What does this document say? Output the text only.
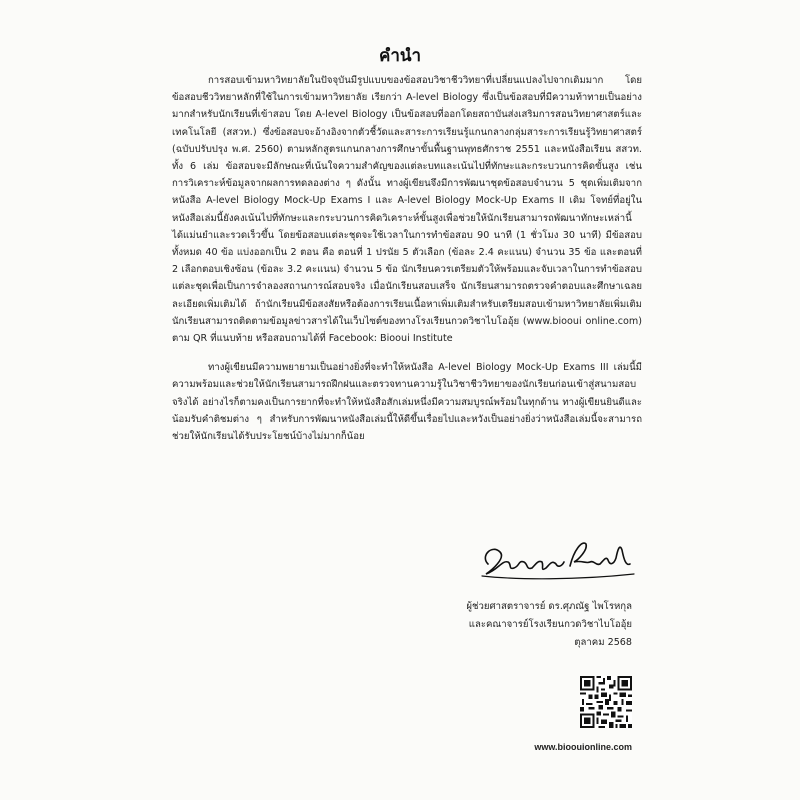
คำนำ

การสอบเข้ามหาวิทยาลัยในปัจจุบันมีรูปแบบของข้อสอบวิชาชีววิทยาที่เปลี่ยนแปลงไปจากเดิมมาก โดยข้อสอบชีววิทยาหลักที่ใช้ในการเข้ามหาวิทยาลัย เรียกว่า A-level Biology ซึ่งเป็นข้อสอบที่มีความท้าทายเป็นอย่างมากสำหรับนักเรียนที่เข้าสอบ โดย A-level Biology เป็นข้อสอบที่ออกโดยสถาบันส่งเสริมการสอนวิทยาศาสตร์และเทคโนโลยี (สสวท.) ซึ่งข้อสอบจะอ้างอิงจากตัวชี้วัดและสาระการเรียนรู้แกนกลางกลุ่มสาระการเรียนรู้วิทยาศาสตร์ (ฉบับปรับปรุง พ.ศ. 2560) ตามหลักสูตรแกนกลางการศึกษาขั้นพื้นฐานพุทธศักราช 2551 และหนังสือเรียน สสวท. ทั้ง 6 เล่ม ข้อสอบจะมีลักษณะที่เน้นใจความสำคัญของแต่ละบทและเน้นไปที่ทักษะและกระบวนการคิดขั้นสูง เช่น การวิเคราะห์ข้อมูลจากผลการทดลองต่าง ๆ ดังนั้น ทางผู้เขียนจึงมีการพัฒนาชุดข้อสอบจำนวน 5 ชุดเพิ่มเติมจากหนังสือ A-level Biology Mock-Up Exams I และ A-level Biology Mock-Up Exams II เดิม โจทย์ที่อยู่ในหนังสือเล่มนี้ยังคงเน้นไปที่ทักษะและกระบวนการคิดวิเคราะห์ขั้นสูงเพื่อช่วยให้นักเรียนสามารถพัฒนาทักษะเหล่านี้ได้แม่นยำและรวดเร็วขึ้น โดยข้อสอบแต่ละชุดจะใช้เวลาในการทำข้อสอบ 90 นาที (1 ชั่วโมง 30 นาที) มีข้อสอบทั้งหมด 40 ข้อ แบ่งออกเป็น 2 ตอน คือ ตอนที่ 1 ปรนัย 5 ตัวเลือก (ข้อละ 2.4 คะแนน) จำนวน 35 ข้อ และตอนที่ 2 เลือกตอบเชิงซ้อน (ข้อละ 3.2 คะแนน) จำนวน 5 ข้อ นักเรียนควรเตรียมตัวให้พร้อมและจับเวลาในการทำข้อสอบแต่ละชุดเพื่อเป็นการจำลองสถานการณ์สอบจริง เมื่อนักเรียนสอบเสร็จ นักเรียนสามารถตรวจคำตอบและศึกษาเฉลยละเอียดเพิ่มเติมได้ ถ้านักเรียนมีข้อสงสัยหรือต้องการเรียนเนื้อหาเพิ่มเติมสำหรับเตรียมสอบเข้ามหาวิทยาลัยเพิ่มเติม นักเรียนสามารถติดตามข้อมูลข่าวสารได้ในเว็บไซต์ของทางโรงเรียนกวดวิชาไบโออุ้ย (www.biooui online.com) ตาม QR ที่แนบท้าย หรือสอบถามได้ที่ Facebook: Biooui Institute

ทางผู้เขียนมีความพยายามเป็นอย่างยิ่งที่จะทำให้หนังสือ A-level Biology Mock-Up Exams III เล่มนี้มีความพร้อมและช่วยให้นักเรียนสามารถฝึกฝนและตรวจทานความรู้ในวิชาชีววิทยาของนักเรียนก่อนเข้าสู่สนามสอบจริงได้ อย่างไรก็ตามคงเป็นการยากที่จะทำให้หนังสือสักเล่มหนึ่งมีความสมบูรณ์พร้อมในทุกด้าน ทางผู้เขียนยินดีและน้อมรับคำติชมต่าง ๆ สำหรับการพัฒนาหนังสือเล่มนี้ให้ดีขึ้นเรื่อยไปและหวังเป็นอย่างยิ่งว่าหนังสือเล่มนี้จะสามารถช่วยให้นักเรียนได้รับประโยชน์บ้างไม่มากก็น้อย

ผู้ช่วยศาสตราจารย์ ดร.ศุภณัฐ ไพโรหกุล
และคณาจารย์โรงเรียนกวดวิชาไบโออุ้ย
ตุลาคม 2568
www.bioouionline.com
